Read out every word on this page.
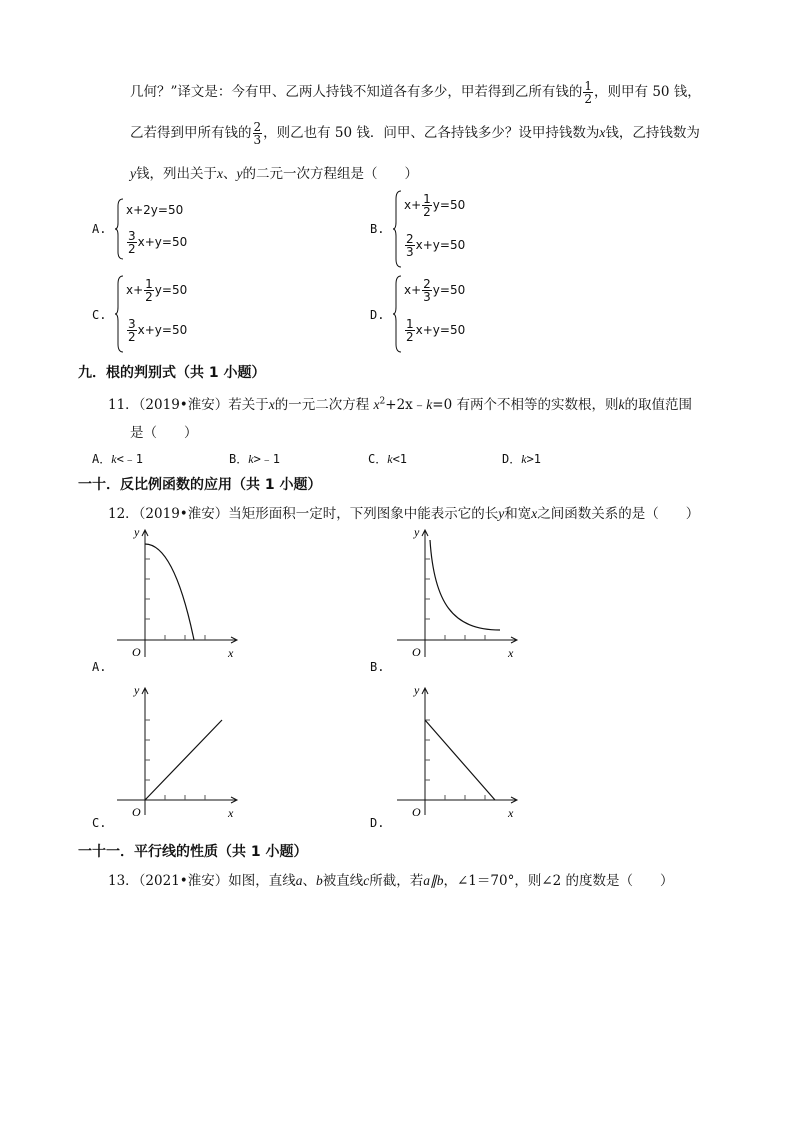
几何？”译文是：今有甲、乙两人持钱不知道各有多少，甲若得到乙所有钱的 $\frac{1}{2}$ ，则甲有 50 钱，
乙若得到甲所有钱的 $\frac{2}{3}$ ，则乙也有 50 钱．问甲、乙各持钱多少？设甲持钱数为x钱，乙持钱数为
y钱，列出关于x、y的二元一次方程组是（　　）
A.
x+2y=50
$\frac{3}{2} x+y=50$
B.
$x+ \frac{1}{2} y=50$
$\frac{2}{3} x+y=50$
C.
$x+ \frac{1}{2} y=50$
$\frac{3}{2} x+y=50$
D.
$x+ \frac{2}{3} y=50$
$\frac{1}{2} x+y=50$
九．根的判别式（共 1 小题）
11．（2019•淮安）若关于x的一元二次方程 $x^2+2x﹣k=0$ 有两个不相等的实数根，则k的取值范围
是（　　）
A．k<﹣1	B．k>﹣1	C．k<1	D．k>1
一十．反比例函数的应用（共 1 小题）
12．（2019•淮安）当矩形面积一定时，下列图象中能表示它的长y和宽x之间函数关系的是（　　）
y
x
O
A.
y
x
O
B.
y
x
O
C.
y
x
O
D.
一十一．平行线的性质（共 1 小题）
13．（2021•淮安）如图，直线a、b被直线c所截，若a∥b，∠1＝70°，则∠2 的度数是（　　）
